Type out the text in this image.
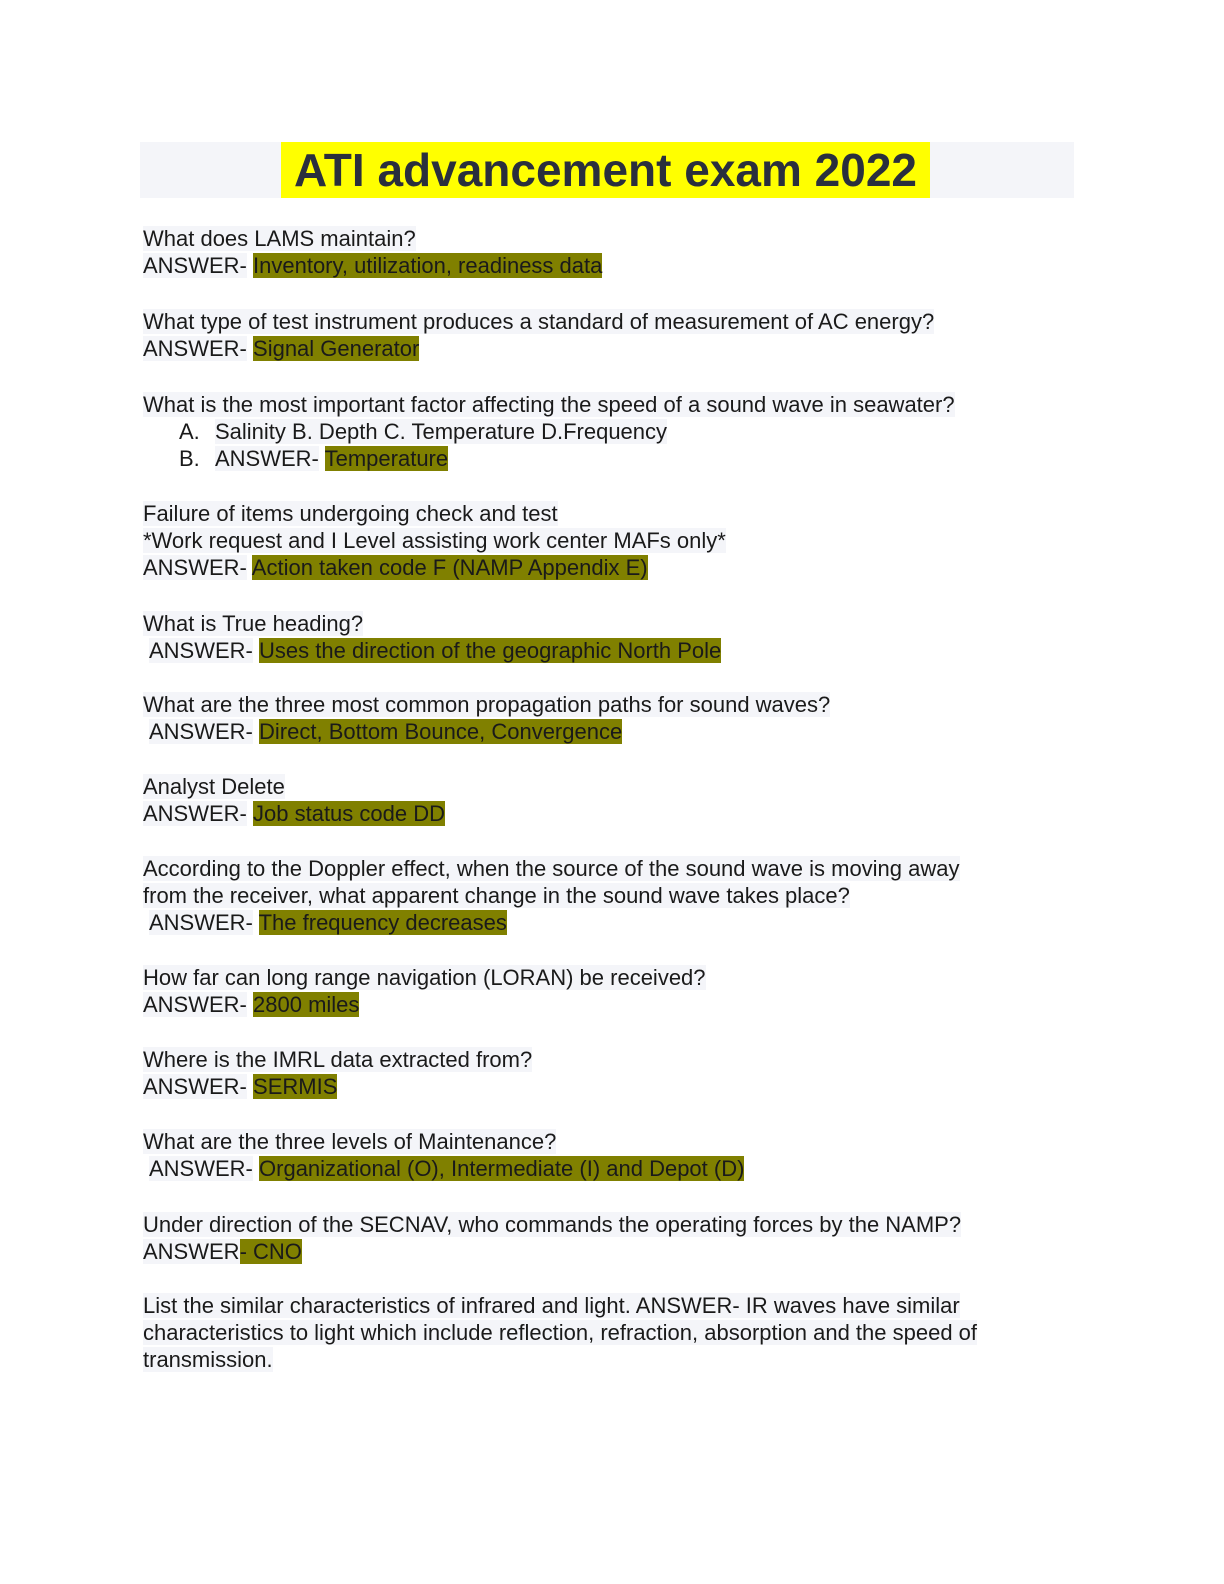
ATI advancement exam 2022
What does LAMS maintain?
ANSWER- Inventory, utilization, readiness data
What type of test instrument produces a standard of measurement of AC energy?
ANSWER- Signal Generator
What is the most important factor affecting the speed of a sound wave in seawater?
A. Salinity B. Depth C. Temperature D.Frequency
B. ANSWER- Temperature
Failure of items undergoing check and test
*Work request and I Level assisting work center MAFs only*
ANSWER- Action taken code F (NAMP Appendix E)
What is True heading?
ANSWER- Uses the direction of the geographic North Pole
What are the three most common propagation paths for sound waves?
ANSWER- Direct, Bottom Bounce, Convergence
Analyst Delete
ANSWER- Job status code DD
According to the Doppler effect, when the source of the sound wave is moving away
from the receiver, what apparent change in the sound wave takes place?
ANSWER- The frequency decreases
How far can long range navigation (LORAN) be received?
ANSWER- 2800 miles
Where is the IMRL data extracted from?
ANSWER- SERMIS
What are the three levels of Maintenance?
ANSWER- Organizational (O), Intermediate (I) and Depot (D)
Under direction of the SECNAV, who commands the operating forces by the NAMP?
ANSWER- CNO
List the similar characteristics of infrared and light. ANSWER- IR waves have similar
characteristics to light which include reflection, refraction, absorption and the speed of
transmission.
